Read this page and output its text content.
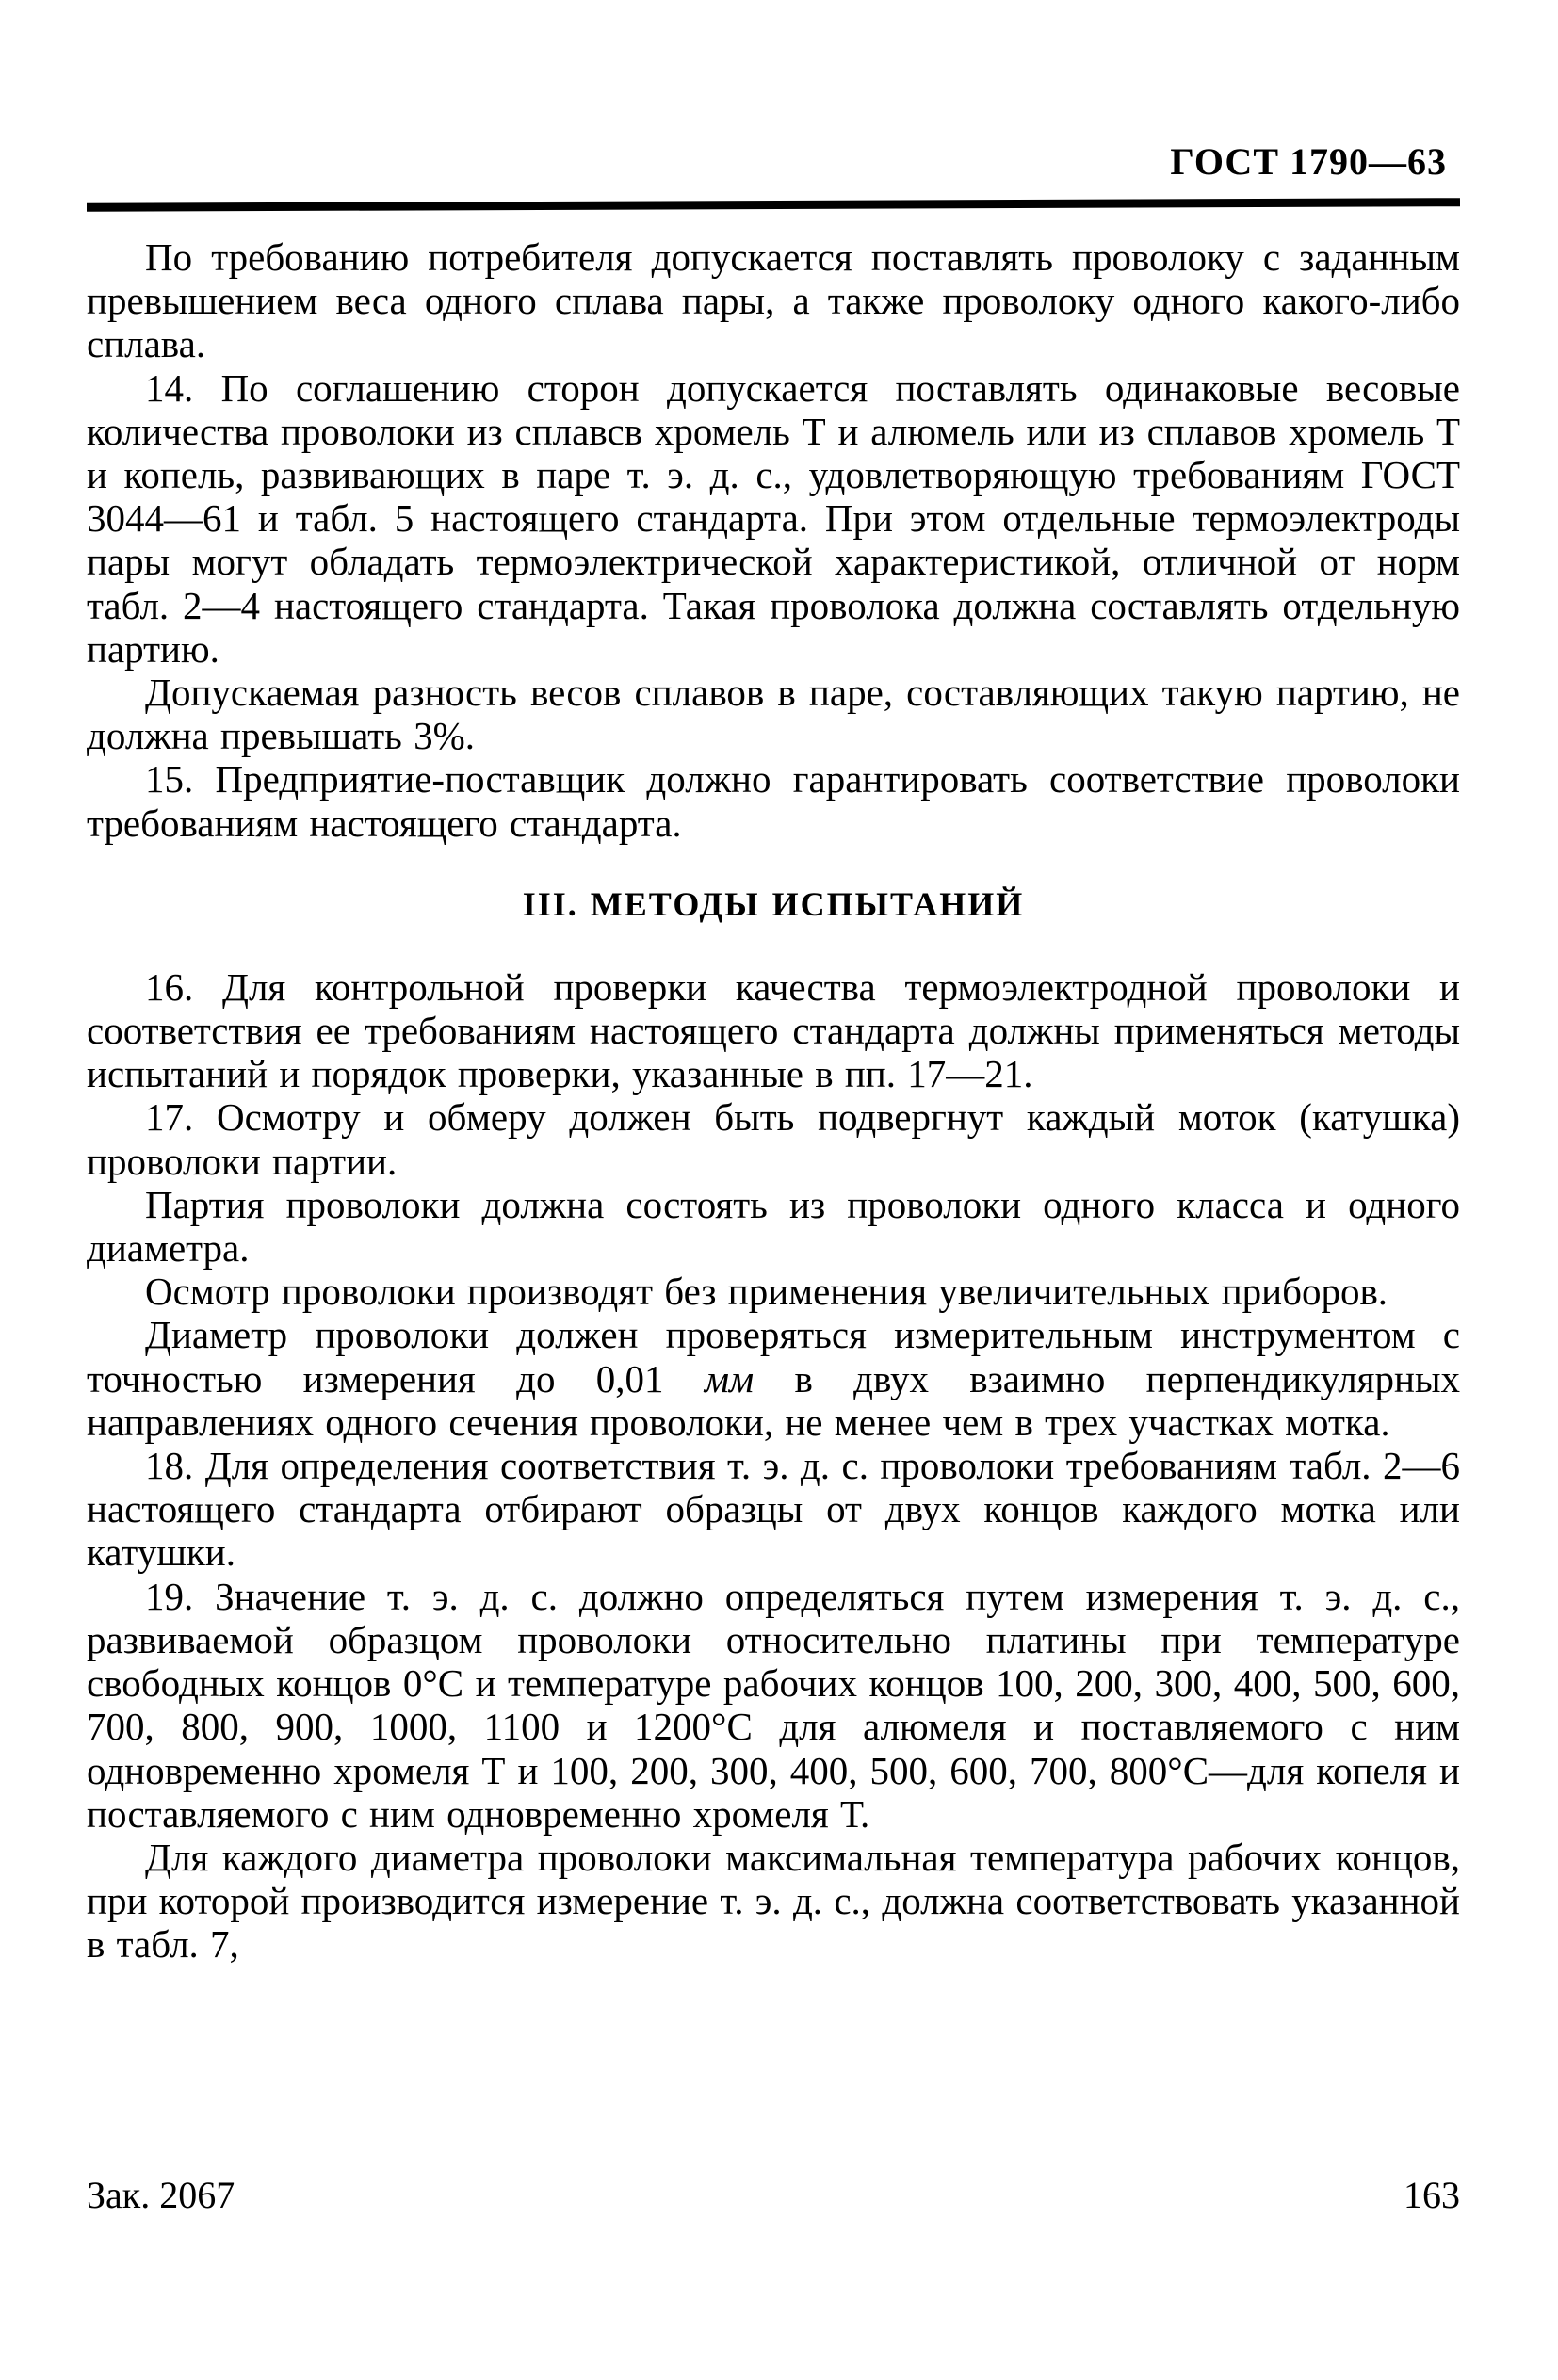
ГОСТ 1790—63

По требованию потребителя допускается поставлять проволоку с заданным превышением веса одного сплава пары, а также проволоку одного какого-либо сплава.

14. По соглашению сторон допускается поставлять одинаковые весовые количества проволоки из сплавсв хромель Т и алюмель или из сплавов хромель Т и копель, развивающих в паре т. э. д. с., удовлетворяющую требованиям ГОСТ 3044—61 и табл. 5 настоящего стандарта. При этом отдельные термоэлектроды пары могут обладать термоэлектрической характеристикой, отличной от норм табл. 2—4 настоящего стандарта. Такая проволока должна составлять отдельную партию.

Допускаемая разность весов сплавов в паре, составляющих такую партию, не должна превышать 3%.

15. Предприятие-поставщик должно гарантировать соответствие проволоки требованиям настоящего стандарта.

III. МЕТОДЫ ИСПЫТАНИЙ

16. Для контрольной проверки качества термоэлектродной проволоки и соответствия ее требованиям настоящего стандарта должны применяться методы испытаний и порядок проверки, указанные в пп. 17—21.

17. Осмотру и обмеру должен быть подвергнут каждый моток (катушка) проволоки партии.

Партия проволоки должна состоять из проволоки одного класса и одного диаметра.

Осмотр проволоки производят без применения увеличительных приборов.

Диаметр проволоки должен проверяться измерительным инструментом с точностью измерения до 0,01 мм в двух взаимно перпендикулярных направлениях одного сечения проволоки, не менее чем в трех участках мотка.

18. Для определения соответствия т. э. д. с. проволоки требованиям табл. 2—6 настоящего стандарта отбирают образцы от двух концов каждого мотка или катушки.

19. Значение т. э. д. с. должно определяться путем измерения т. э. д. с., развиваемой образцом проволоки относительно платины при температуре свободных концов 0°С и температуре рабочих концов 100, 200, 300, 400, 500, 600, 700, 800, 900, 1000, 1100 и 1200°С для алюмеля и поставляемого с ним одновременно хромеля Т и 100, 200, 300, 400, 500, 600, 700, 800°С—для копеля и поставляемого с ним одновременно хромеля Т.

Для каждого диаметра проволоки максимальная температура рабочих концов, при которой производится измерение т. э. д. с., должна соответствовать указанной в табл. 7,

Зак. 2067	163
